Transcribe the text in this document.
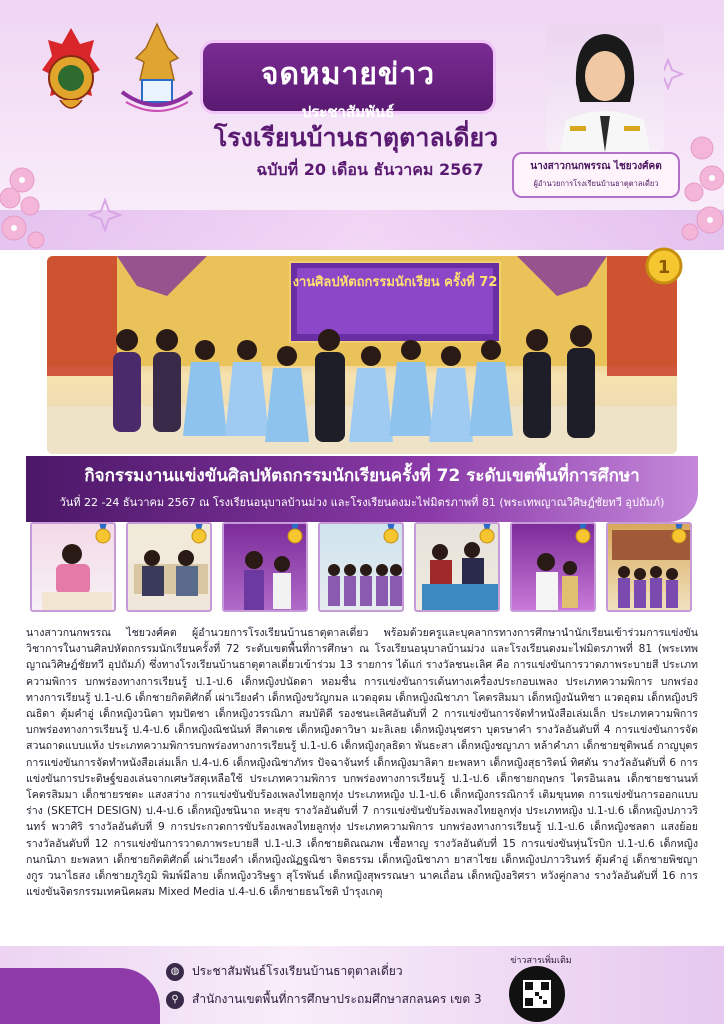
จดหมายข่าว
ประชาสัมพันธ์
โรงเรียนบ้านธาตุตาลเดี่ยว
ฉบับที่ 20 เดือน ธันวาคม 2567	นางสาวกนกพรรณ ไชยวงศ์คต
ผู้อำนวยการโรงเรียนบ้านธาตุตาลเดี่ยว
งานศิลปหัตถกรรมนักเรียน ครั้งที่ 72
1
กิจกรรมงานแข่งขันศิลปหัตถกรรมนักเรียนครั้งที่ 72 ระดับเขตพื้นที่การศึกษา
วันที่ 22 -24 ธันวาคม 2567 ณ โรงเรียนอนุบาลบ้านม่วง และโรงเรียนดงมะไฟมิตรภาพที่ 81 (พระเทพญาณวิศิษฎ์ชัยทวี อุปถัมภ์)
นางสาวกนกพรรณ ไชยวงศ์คต ผู้อำนวยการโรงเรียนบ้านธาตุตาลเดี่ยว พร้อมด้วยครูและบุคลากรทางการศึกษานำนักเรียนเข้าร่วมการแข่งขันวิชาการในงานศิลปหัตถกรรมนักเรียนครั้งที่ 72 ระดับเขตพื้นที่การศึกษา ณ โรงเรียนอนุบาลบ้านม่วง และโรงเรียนดงมะไฟมิตรภาพที่ 81 (พระเทพญาณวิศิษฎ์ชัยทวี อุปถัมภ์) ซึ่งทางโรงเรียนบ้านธาตุตาลเดี่ยวเข้าร่วม 13 รายการ ได้แก่ รางวัลชนะเลิศ คือ การแข่งขันการวาดภาพระบายสี ประเภทความพิการ บกพร่องทางการเรียนรู้ ป.1-ป.6 เด็กหญิงปนัดดา หอมชื่น การแข่งขันการเต้นทางเครื่องประกอบเพลง ประเภทความพิการ บกพร่องทางการเรียนรู้ ป.1-ป.6 เด็กชายกิตติศักดิ์ เผ่าเวียงคำ เด็กหญิงขวัญกมล แวดอุดม เด็กหญิงณิชาภา โคตรสิมมา เด็กหญิงนันทิชา แวดอุดม เด็กหญิงปริณธิดา ตุ้มคำอู่ เด็กหญิงวนิดา ทุมปัดชา เด็กหญิงวรรณิภา สมบัติดี รองชนะเลิศอันดับที่ 2 การแข่งขันการจัดทำหนังสือเล่มเล็ก ประเภทความพิการ บกพร่องทางการเรียนรู้ ป.4-ป.6 เด็กหญิงณิชนันท์ สีดาเดช เด็กหญิงดาวิษา มะลิเลย เด็กหญิงนุชศรา บุตรษาคำ รางวัลอันดับที่ 4 การแข่งขันการจัดสวนถาดแบบแห้ง ประเภทความพิการบกพร่องทางการเรียนรู้ ป.1-ป.6 เด็กหญิงกุลธิดา พันธะสา เด็กหญิงชญาภา หล้าคำภา เด็กชายชุติพนธ์ กาญบุตร การแข่งขันการจัดทำหนังสือเล่มเล็ก ป.4-ป.6 เด็กหญิงณิชาภัทร ปัจฉาจันทร์ เด็กหญิงมาลิตา ยะพลหา เด็กหญิงสุธาริตน์ ทิศตัน รางวัลอันดับที่ 6 การแข่งขันการประดิษฐ์ของเล่นจากเศษวัสดุเหลือใช้ ประเภทความพิการ บกพร่องทางการเรียนรู้ ป.1-ป.6 เด็กชายกฤษกร ไตรอินเลน เด็กชายชานนท์ โคตรสิมมา เด็กชายรชตะ แสงสว่าง การแข่งขันขับร้องเพลงไทยลูกทุ่ง ประเภทหญิง ป.1-ป.6 เด็กหญิงกรรณิการ์ เติมขุนทด การแข่งขันการออกแบบร่าง (SKETCH DESIGN) ป.4-ป.6 เด็กหญิงชนินาถ หะสุข รางวัลอันดับที่ 7 การแข่งขันขับร้องเพลงไทยลูกทุ่ง ประเภทหญิง ป.1-ป.6 เด็กหญิงปภาวรินทร์ พวาศิริ รางวัลอันดับที่ 9 การประกวดการขับร้องเพลงไทยลูกทุ่ง ประเภทความพิการ บกพร่องทางการเรียนรู้ ป.1-ป.6 เด็กหญิงชลดา แสงย้อย รางวัลอันดับที่ 12 การแข่งขันการวาดภาพระบายสี ป.1-ป.3 เด็กชายดิณณภพ เชื้อหาญ รางวัลอันดับที่ 15 การแข่งขันหุ่นโรบิก ป.1-ป.6 เด็กหญิงกนกนิภา ยะพลหา เด็กชายกิตติศักดิ์ เผ่าเวียงคำ เด็กหญิงณัฏฐณิชา จิตธรรม เด็กหญิงนิชาภา ยาสาไชย เด็กหญิงปภาวรินทร์ ตุ้มคำอู่ เด็กชายพิชญางกูร วนาไธสง เด็กชายภูริภูมิ พิมพ์มีลาย เด็กหญิงวริษฐา สุโรพันธ์ เด็กหญิงสุพรรณษา นาคเถื่อน เด็กหญิงอริศรา หวังคู่กลาง รางวัลอันดับที่ 16 การแข่งขันจิตรกรรมเทคนิคผสม Mixed Media ป.4-ป.6 เด็กชายธนโชติ บำรุงเกตุ
◍	ประชาสัมพันธ์โรงเรียนบ้านธาตุตาลเดี่ยว
⚲	สำนักงานเขตพื้นที่การศึกษาประถมศึกษาสกลนคร เขต 3
ข่าวสารเพิ่มเติม
